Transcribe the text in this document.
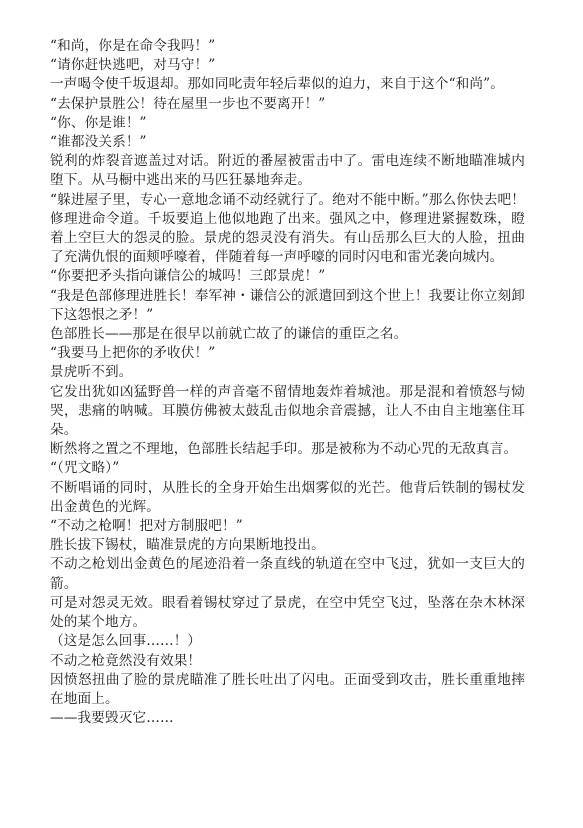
“和尚，你是在命令我吗！”

“请你赶快逃吧，对马守！”

一声喝令使千坂退却。那如同叱责年轻后辈似的迫力，来自于这个“和尚”。

“去保护景胜公！待在屋里一步也不要离开！”

“你、你是谁！”

“谁都没关系！”

锐利的炸裂音遮盖过对话。附近的番屋被雷击中了。雷电连续不断地瞄准城内堕下。从马橱中逃出来的马匹狂暴地奔走。

“躲进屋子里，专心一意地念诵不动经就行了。绝对不能中断。”那么你快去吧！修理进命令道。千坂要追上他似地跑了出来。强风之中，修理进紧握数珠，瞪着上空巨大的怨灵的脸。景虎的怨灵没有消失。有山岳那么巨大的人脸，扭曲了充满仇恨的面颊呼嚎着，伴随着每一声呼嚎的同时闪电和雷光袭向城内。

“你要把矛头指向谦信公的城吗！三郎景虎！”

“我是色部修理进胜长！奉军神・谦信公的派遣回到这个世上！我要让你立刻卸下这怨恨之矛！”

色部胜长——那是在很早以前就亡故了的谦信的重臣之名。

“我要马上把你的矛收伏！”

景虎听不到。

它发出犹如凶猛野兽一样的声音毫不留情地轰炸着城池。那是混和着愤怒与恸哭，悲痛的呐喊。耳膜仿佛被太鼓乱击似地余音震撼，让人不由自主地塞住耳朵。

断然将之置之不理地，色部胜长结起手印。那是被称为不动心咒的无敌真言。

“（咒文略）”

不断唱诵的同时，从胜长的全身开始生出烟雾似的光芒。他背后铁制的锡杖发出金黄色的光辉。

“不动之枪啊！把对方制服吧！”

胜长拔下锡杖，瞄准景虎的方向果断地投出。

不动之枪划出金黄色的尾迹沿着一条直线的轨道在空中飞过，犹如一支巨大的箭。

可是对怨灵无效。眼看着锡杖穿过了景虎，在空中凭空飞过，坠落在杂木林深处的某个地方。

（这是怎么回事……！）

不动之枪竟然没有效果！

因愤怒扭曲了脸的景虎瞄准了胜长吐出了闪电。正面受到攻击，胜长重重地摔在地面上。

——我要毁灭它……
